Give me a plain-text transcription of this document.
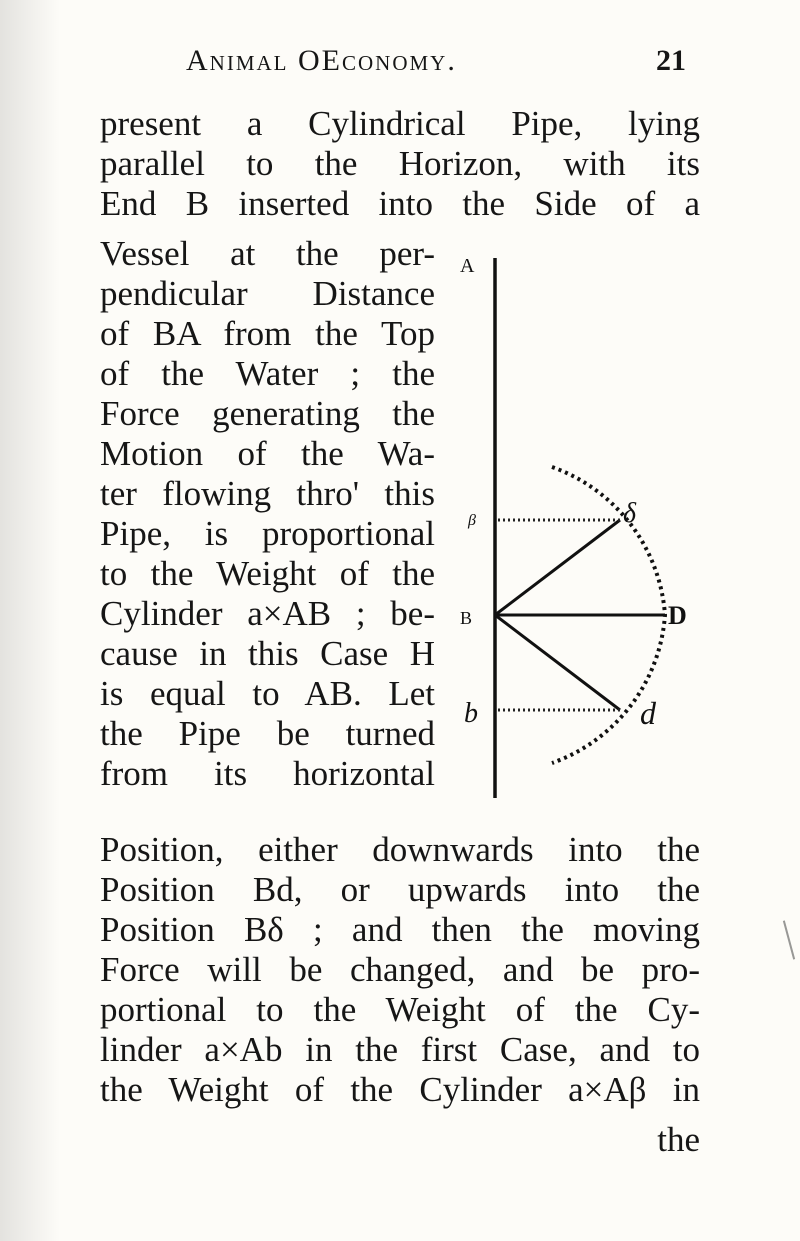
Animal OEconomy.	21
present a Cylindrical Pipe, lying
parallel to the Horizon, with its
End B inserted into the Side of a
Vessel at the per-
pendicular Distance
of BA from the Top
of the Water ; the
Force generating the
Motion of the Wa-
ter flowing thro' this
Pipe, is proportional
to the Weight of the
Cylinder a×AB ; be-
cause in this Case H
is equal to AB. Let
the Pipe be turned
from its horizontal
Position, either downwards into the
Position Bd, or upwards into the
Position Bδ ; and then the moving
Force will be changed, and be pro-
portional to the Weight of the Cy-
linder a×Ab in the first Case, and to
the Weight of the Cylinder a×Aβ in
the
A
β
B
b
δ
D
d
